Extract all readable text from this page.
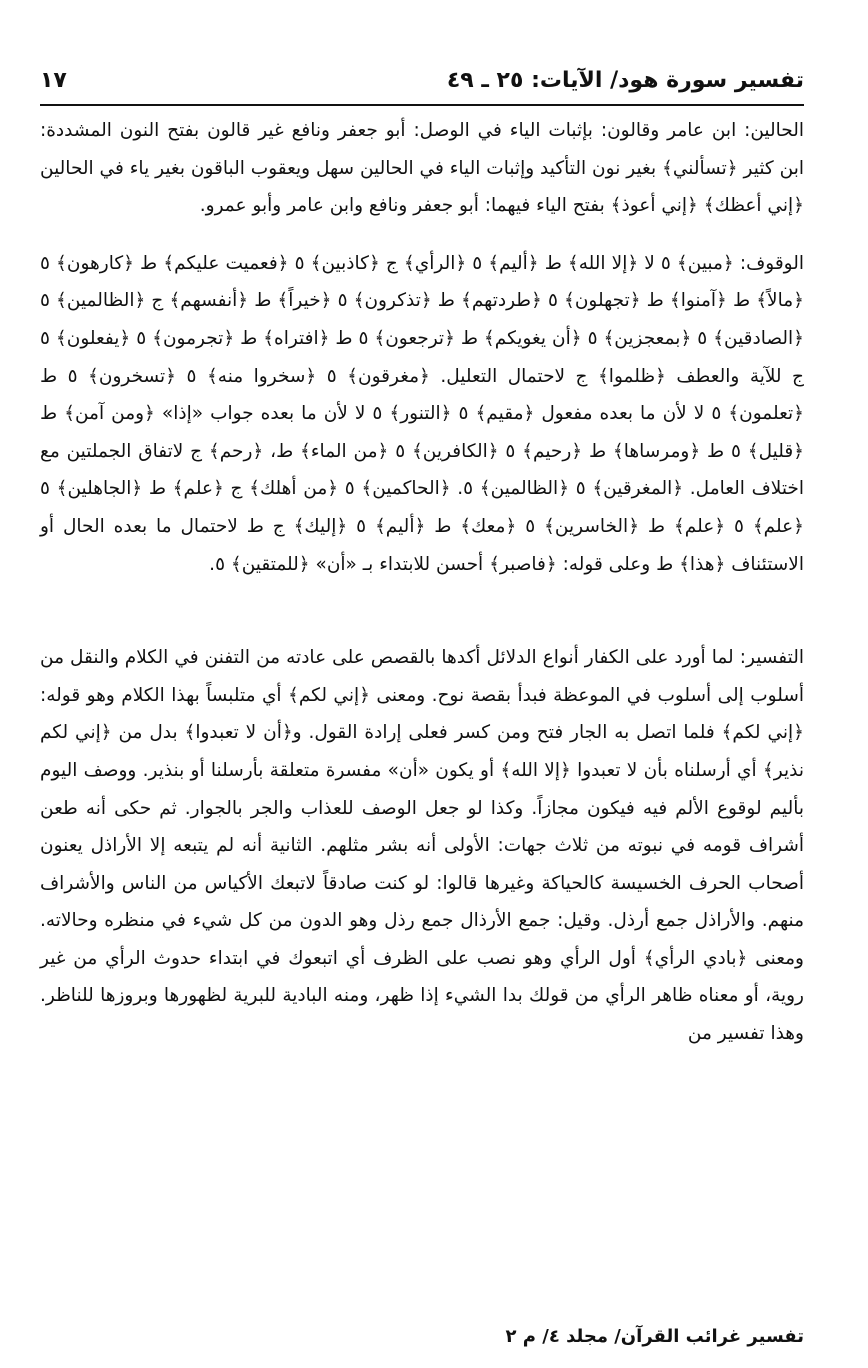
تفسير سورة هود/ الآيات: ٢٥ ـ ٤٩
١٧

الحالين: ابن عامر وقالون: بإثبات الياء في الوصل: أبو جعفر ونافع غير قالون بفتح النون المشددة: ابن كثير ﴿تسألني﴾ بغير نون التأكيد وإثبات الياء في الحالين سهل ويعقوب الباقون بغير ياء في الحالين ﴿إني أعظك﴾ ﴿إني أعوذ﴾ بفتح الياء فيهما: أبو جعفر ونافع وابن عامر وأبو عمرو.

الوقوف: ﴿مبين﴾ ٥ لا ﴿إلا الله﴾ ط ﴿أليم﴾ ٥ ﴿الرأي﴾ ج ﴿كاذبين﴾ ٥ ﴿فعميت عليكم﴾ ط ﴿كارهون﴾ ٥ ﴿مالاً﴾ ط ﴿آمنوا﴾ ط ﴿تجهلون﴾ ٥ ﴿طردتهم﴾ ط ﴿تذكرون﴾ ٥ ﴿خيراً﴾ ط ﴿أنفسهم﴾ ج ﴿الظالمين﴾ ٥ ﴿الصادقين﴾ ٥ ﴿بمعجزين﴾ ٥ ﴿أن يغويكم﴾ ط ﴿ترجعون﴾ ٥ ط ﴿افتراه﴾ ط ﴿تجرمون﴾ ٥ ﴿يفعلون﴾ ٥ ج للآية والعطف ﴿ظلموا﴾ ج لاحتمال التعليل. ﴿مغرقون﴾ ٥ ﴿سخروا منه﴾ ٥ ﴿تسخرون﴾ ٥ ط ﴿تعلمون﴾ ٥ لا لأن ما بعده مفعول ﴿مقيم﴾ ٥ ﴿التنور﴾ ٥ لا لأن ما بعده جواب «إذا» ﴿ومن آمن﴾ ط ﴿قليل﴾ ٥ ط ﴿ومرساها﴾ ط ﴿رحيم﴾ ٥ ﴿الكافرين﴾ ٥ ﴿من الماء﴾ ط، ﴿رحم﴾ ج لاتفاق الجملتين مع اختلاف العامل. ﴿المغرقين﴾ ٥ ﴿الظالمين﴾ ٥. ﴿الحاكمين﴾ ٥ ﴿من أهلك﴾ ج ﴿علم﴾ ط ﴿الجاهلين﴾ ٥ ﴿علم﴾ ٥ ﴿علم﴾ ط ﴿الخاسرين﴾ ٥ ﴿معك﴾ ط ﴿أليم﴾ ٥ ﴿إليك﴾ ج ط لاحتمال ما بعده الحال أو الاستئناف ﴿هذا﴾ ط وعلى قوله: ﴿فاصبر﴾ أحسن للابتداء بـ «أن» ﴿للمتقين﴾ ٥.

التفسير: لما أورد على الكفار أنواع الدلائل أكدها بالقصص على عادته من التفنن في الكلام والنقل من أسلوب إلى أسلوب في الموعظة فبدأ بقصة نوح. ومعنى ﴿إني لكم﴾ أي متلبساً بهذا الكلام وهو قوله: ﴿إني لكم﴾ فلما اتصل به الجار فتح ومن كسر فعلى إرادة القول. و﴿أن لا تعبدوا﴾ بدل من ﴿إني لكم نذير﴾ أي أرسلناه بأن لا تعبدوا ﴿إلا الله﴾ أو يكون «أن» مفسرة متعلقة بأرسلنا أو بنذير. ووصف اليوم بأليم لوقوع الألم فيه فيكون مجازاً. وكذا لو جعل الوصف للعذاب والجر بالجوار. ثم حكى أنه طعن أشراف قومه في نبوته من ثلاث جهات: الأولى أنه بشر مثلهم. الثانية أنه لم يتبعه إلا الأراذل يعنون أصحاب الحرف الخسيسة كالحياكة وغيرها قالوا: لو كنت صادقاً لاتبعك الأكياس من الناس والأشراف منهم. والأراذل جمع أرذل. وقيل: جمع الأرذال جمع رذل وهو الدون من كل شيء في منظره وحالاته. ومعنى ﴿بادي الرأي﴾ أول الرأي وهو نصب على الظرف أي اتبعوك في ابتداء حدوث الرأي من غير روية، أو معناه ظاهر الرأي من قولك بدا الشيء إذا ظهر، ومنه البادية للبرية لظهورها وبروزها للناظر. وهذا تفسير من

تفسير غرائب القرآن/ مجلد ٤/ م ٢
